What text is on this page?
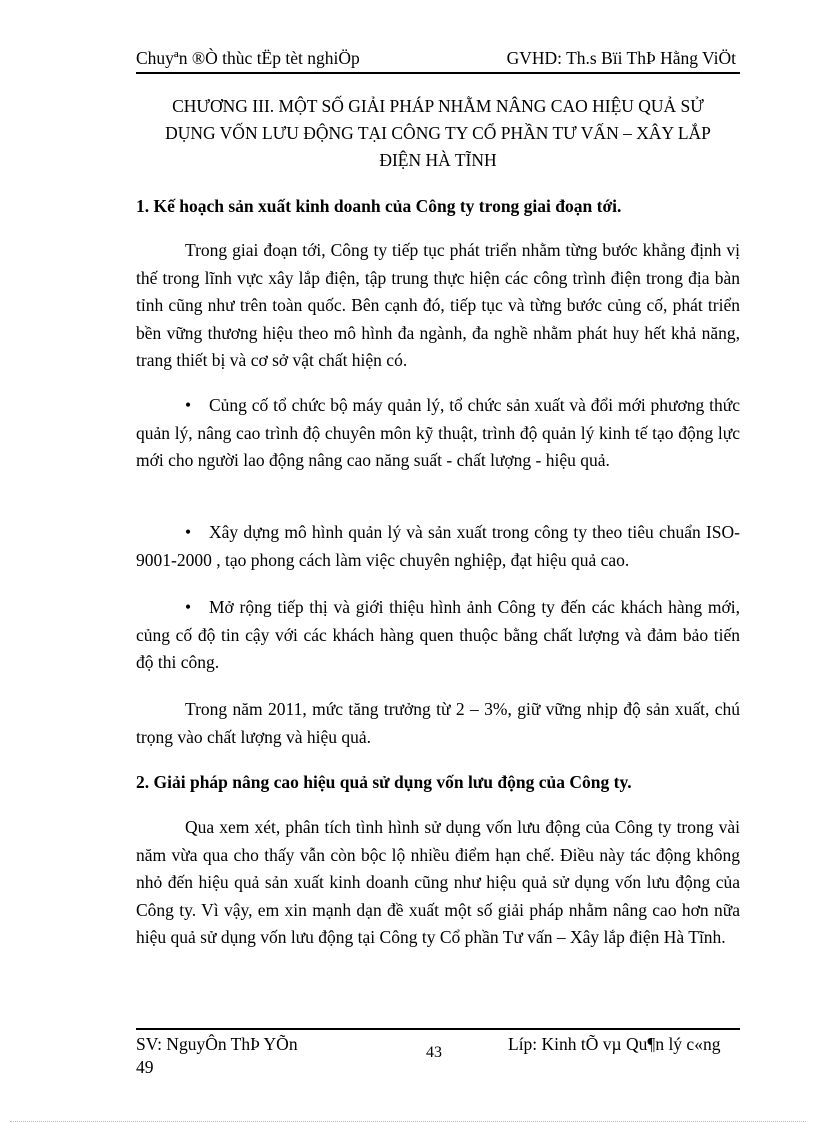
Chuyªn ®Ò thùc tËp tèt nghiÖp	GVHD: Th.s Bïi ThÞ Hằng ViÖt
CHƯƠNG III. MỘT SỐ GIẢI PHÁP NHẰM NÂNG CAO HIỆU QUẢ SỬ
DỤNG VỐN LƯU ĐỘNG TẠI CÔNG TY CỔ PHẦN TƯ VẤN – XÂY LẮP
ĐIỆN HÀ TĨNH
1. Kế hoạch sản xuất kinh doanh của Công ty trong giai đoạn tới.

Trong giai đoạn tới, Công ty tiếp tục phát triển nhằm từng bước khẳng định vị thế trong lĩnh vực xây lắp điện, tập trung thực hiện các công trình điện trong địa bàn tỉnh cũng như trên toàn quốc. Bên cạnh đó, tiếp tục và từng bước củng cố, phát triển bền vững thương hiệu theo mô hình đa ngành, đa nghề nhằm phát huy hết khả năng, trang thiết bị và cơ sở vật chất hiện có.

• Củng cố tổ chức bộ máy quản lý, tổ chức sản xuất và đổi mới phương thức quản lý, nâng cao trình độ chuyên môn kỹ thuật, trình độ quản lý kinh tế tạo động lực mới cho người lao động nâng cao năng suất - chất lượng - hiệu quả.

• Xây dựng mô hình quản lý và sản xuất trong công ty theo tiêu chuẩn ISO-9001-2000 , tạo phong cách làm việc chuyên nghiệp, đạt hiệu quả cao.

• Mở rộng tiếp thị và giới thiệu hình ảnh Công ty đến các khách hàng mới, củng cố độ tin cậy với các khách hàng quen thuộc bằng chất lượng và đảm bảo tiến độ thi công.

Trong năm 2011, mức tăng trưởng từ 2 – 3%, giữ vững nhịp độ sản xuất, chú trọng vào chất lượng và hiệu quả.

2. Giải pháp nâng cao hiệu quả sử dụng vốn lưu động của Công ty.

Qua xem xét, phân tích tình hình sử dụng vốn lưu động của Công ty trong vài năm vừa qua cho thấy vẫn còn bộc lộ nhiều điểm hạn chế. Điều này tác động không nhỏ đến hiệu quả sản xuất kinh doanh cũng như hiệu quả sử dụng vốn lưu động của Công ty. Vì vậy, em xin mạnh dạn đề xuất một số giải pháp nhằm nâng cao hơn nữa hiệu quả sử dụng vốn lưu động tại Công ty Cổ phần Tư vấn – Xây lắp điện Hà Tĩnh.

SV: NguyÔn ThÞ YÕn
49
43	Líp: Kinh tÕ vµ Qu¶n lý c«ng
